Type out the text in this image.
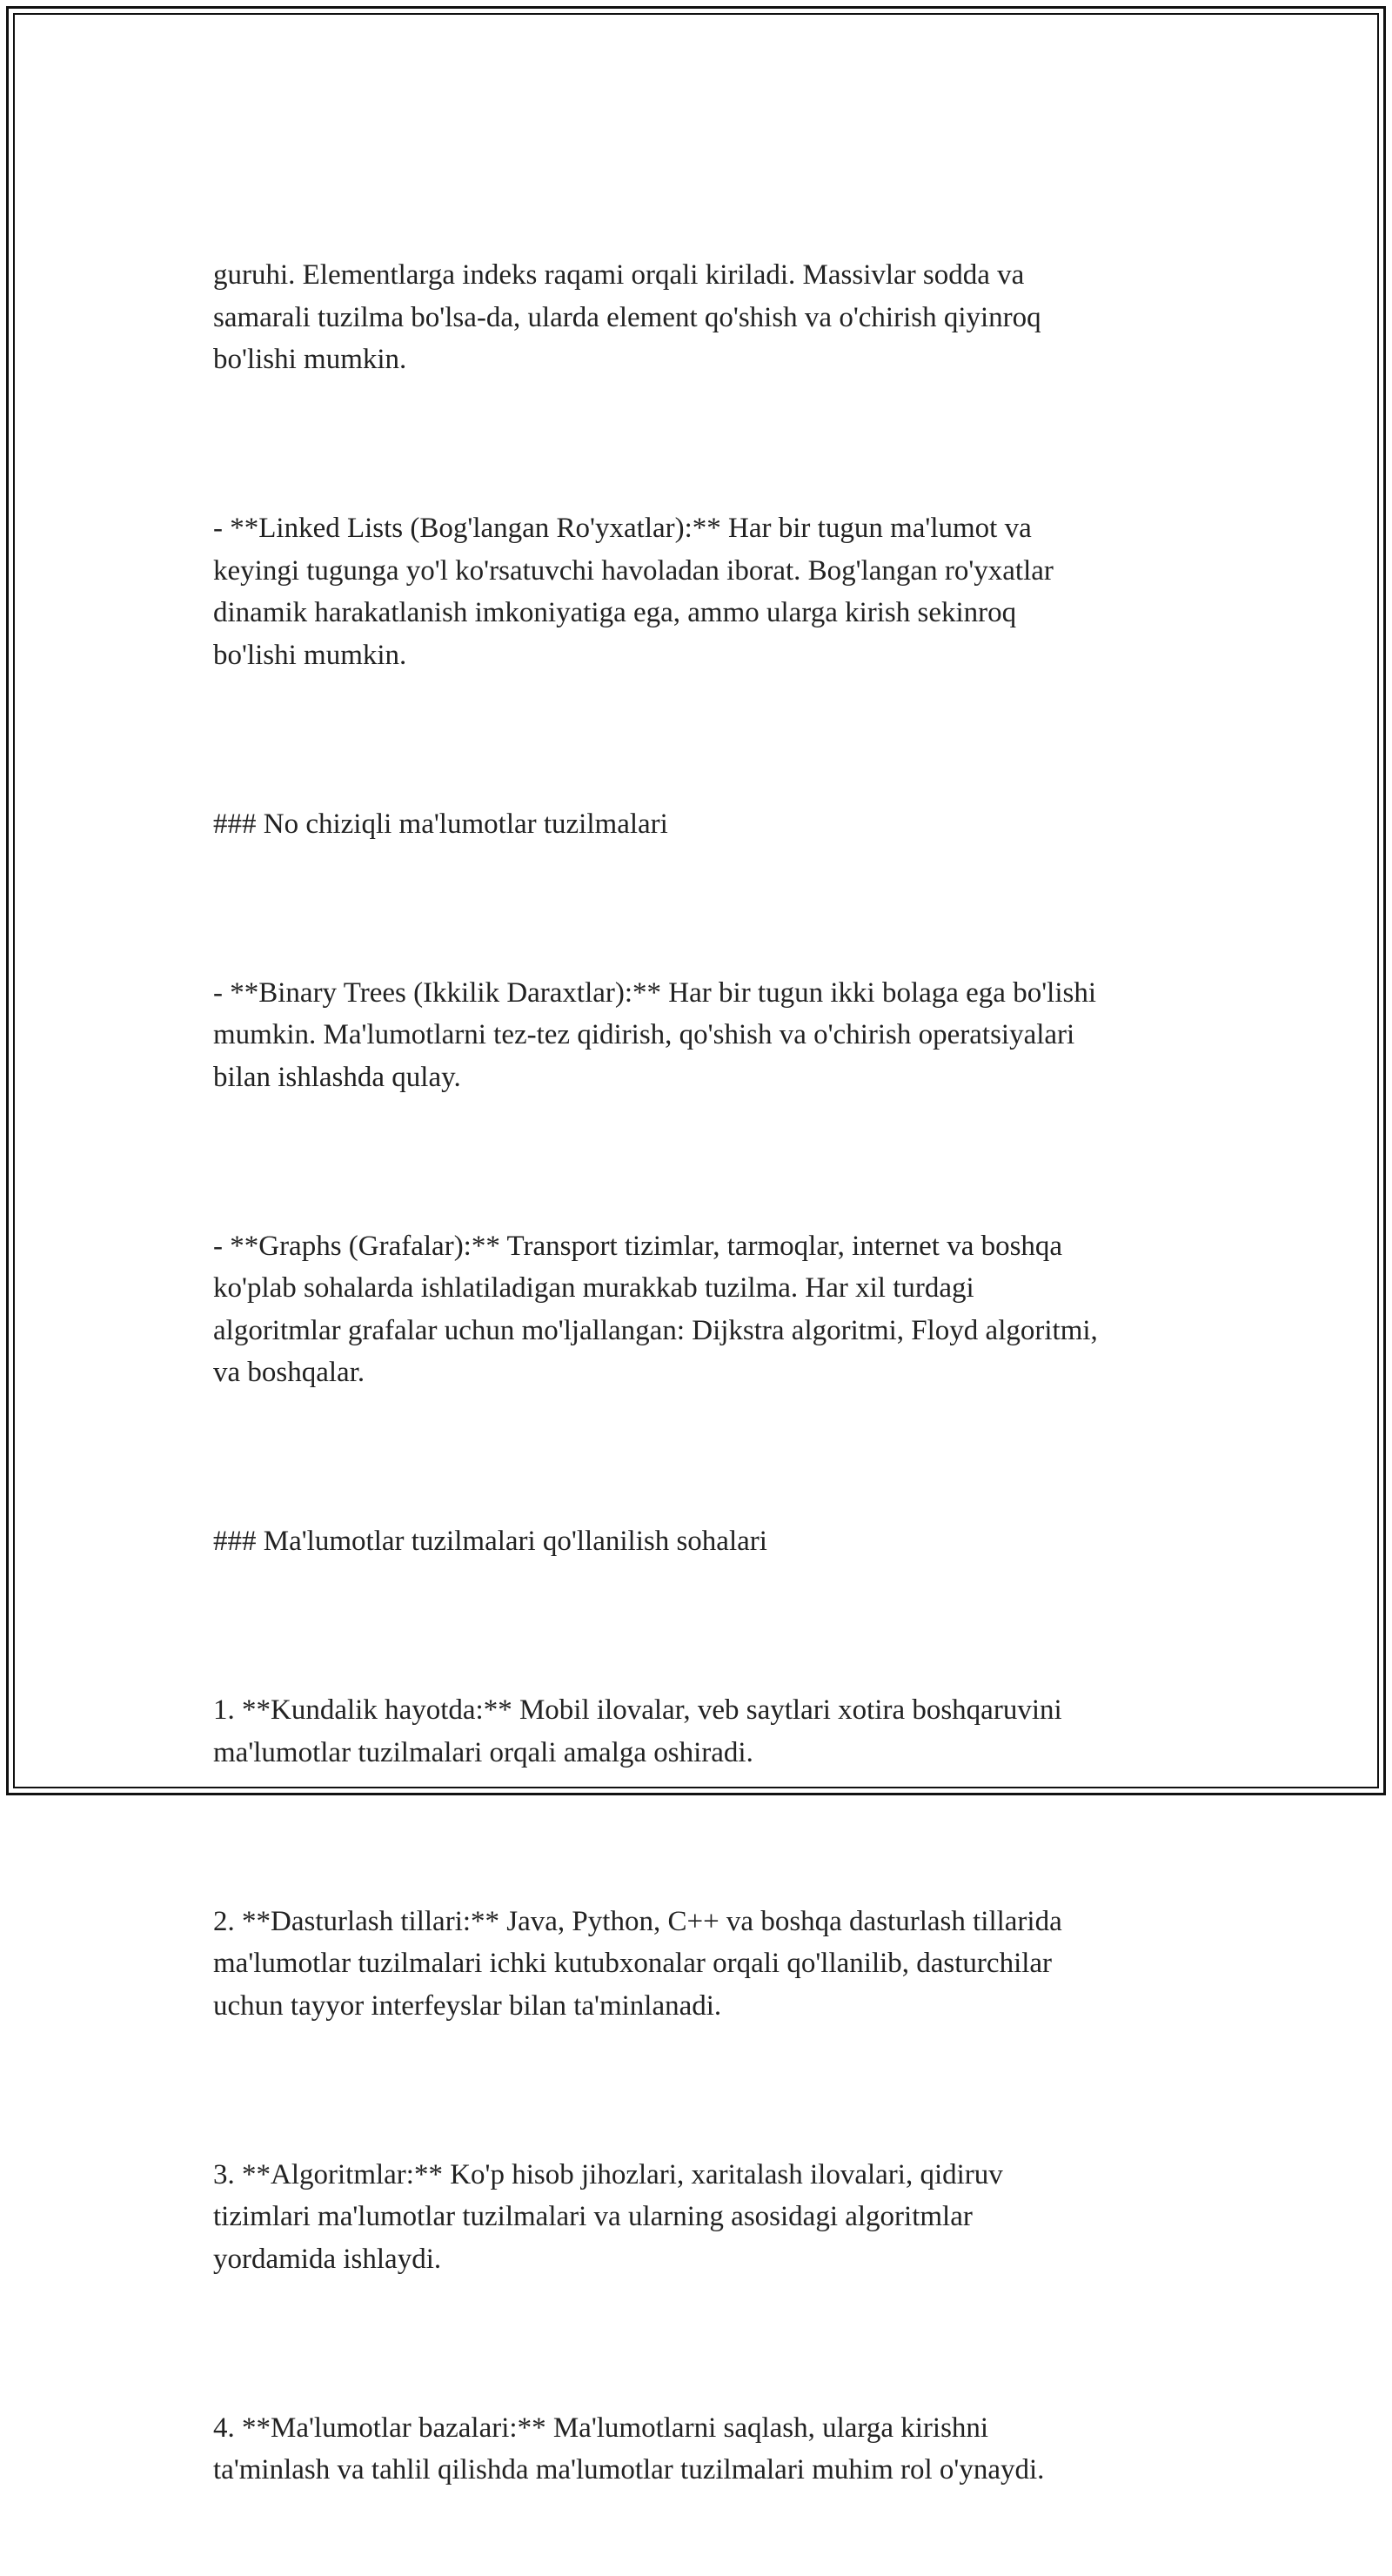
guruhi. Elementlarga indeks raqami orqali kiriladi. Massivlar sodda va
samarali tuzilma bo'lsa-da, ularda element qo'shish va o'chirish qiyinroq
bo'lishi mumkin.

- **Linked Lists (Bog'langan Ro'yxatlar):** Har bir tugun ma'lumot va
keyingi tugunga yo'l ko'rsatuvchi havoladan iborat. Bog'langan ro'yxatlar
dinamik harakatlanish imkoniyatiga ega, ammo ularga kirish sekinroq
bo'lishi mumkin.

### No chiziqli ma'lumotlar tuzilmalari

- **Binary Trees (Ikkilik Daraxtlar):** Har bir tugun ikki bolaga ega bo'lishi
mumkin. Ma'lumotlarni tez-tez qidirish, qo'shish va o'chirish operatsiyalari
bilan ishlashda qulay.

- **Graphs (Grafalar):** Transport tizimlar, tarmoqlar, internet va boshqa
ko'plab sohalarda ishlatiladigan murakkab tuzilma. Har xil turdagi
algoritmlar grafalar uchun mo'ljallangan: Dijkstra algoritmi, Floyd algoritmi,
va boshqalar.

### Ma'lumotlar tuzilmalari qo'llanilish sohalari

1. **Kundalik hayotda:** Mobil ilovalar, veb saytlari xotira boshqaruvini
ma'lumotlar tuzilmalari orqali amalga oshiradi.

2. **Dasturlash tillari:** Java, Python, C++ va boshqa dasturlash tillarida
ma'lumotlar tuzilmalari ichki kutubxonalar orqali qo'llanilib, dasturchilar
uchun tayyor interfeyslar bilan ta'minlanadi.

3. **Algoritmlar:** Ko'p hisob jihozlari, xaritalash ilovalari, qidiruv
tizimlari ma'lumotlar tuzilmalari va ularning asosidagi algoritmlar
yordamida ishlaydi.

4. **Ma'lumotlar bazalari:** Ma'lumotlarni saqlash, ularga kirishni
ta'minlash va tahlil qilishda ma'lumotlar tuzilmalari muhim rol o'ynaydi.
